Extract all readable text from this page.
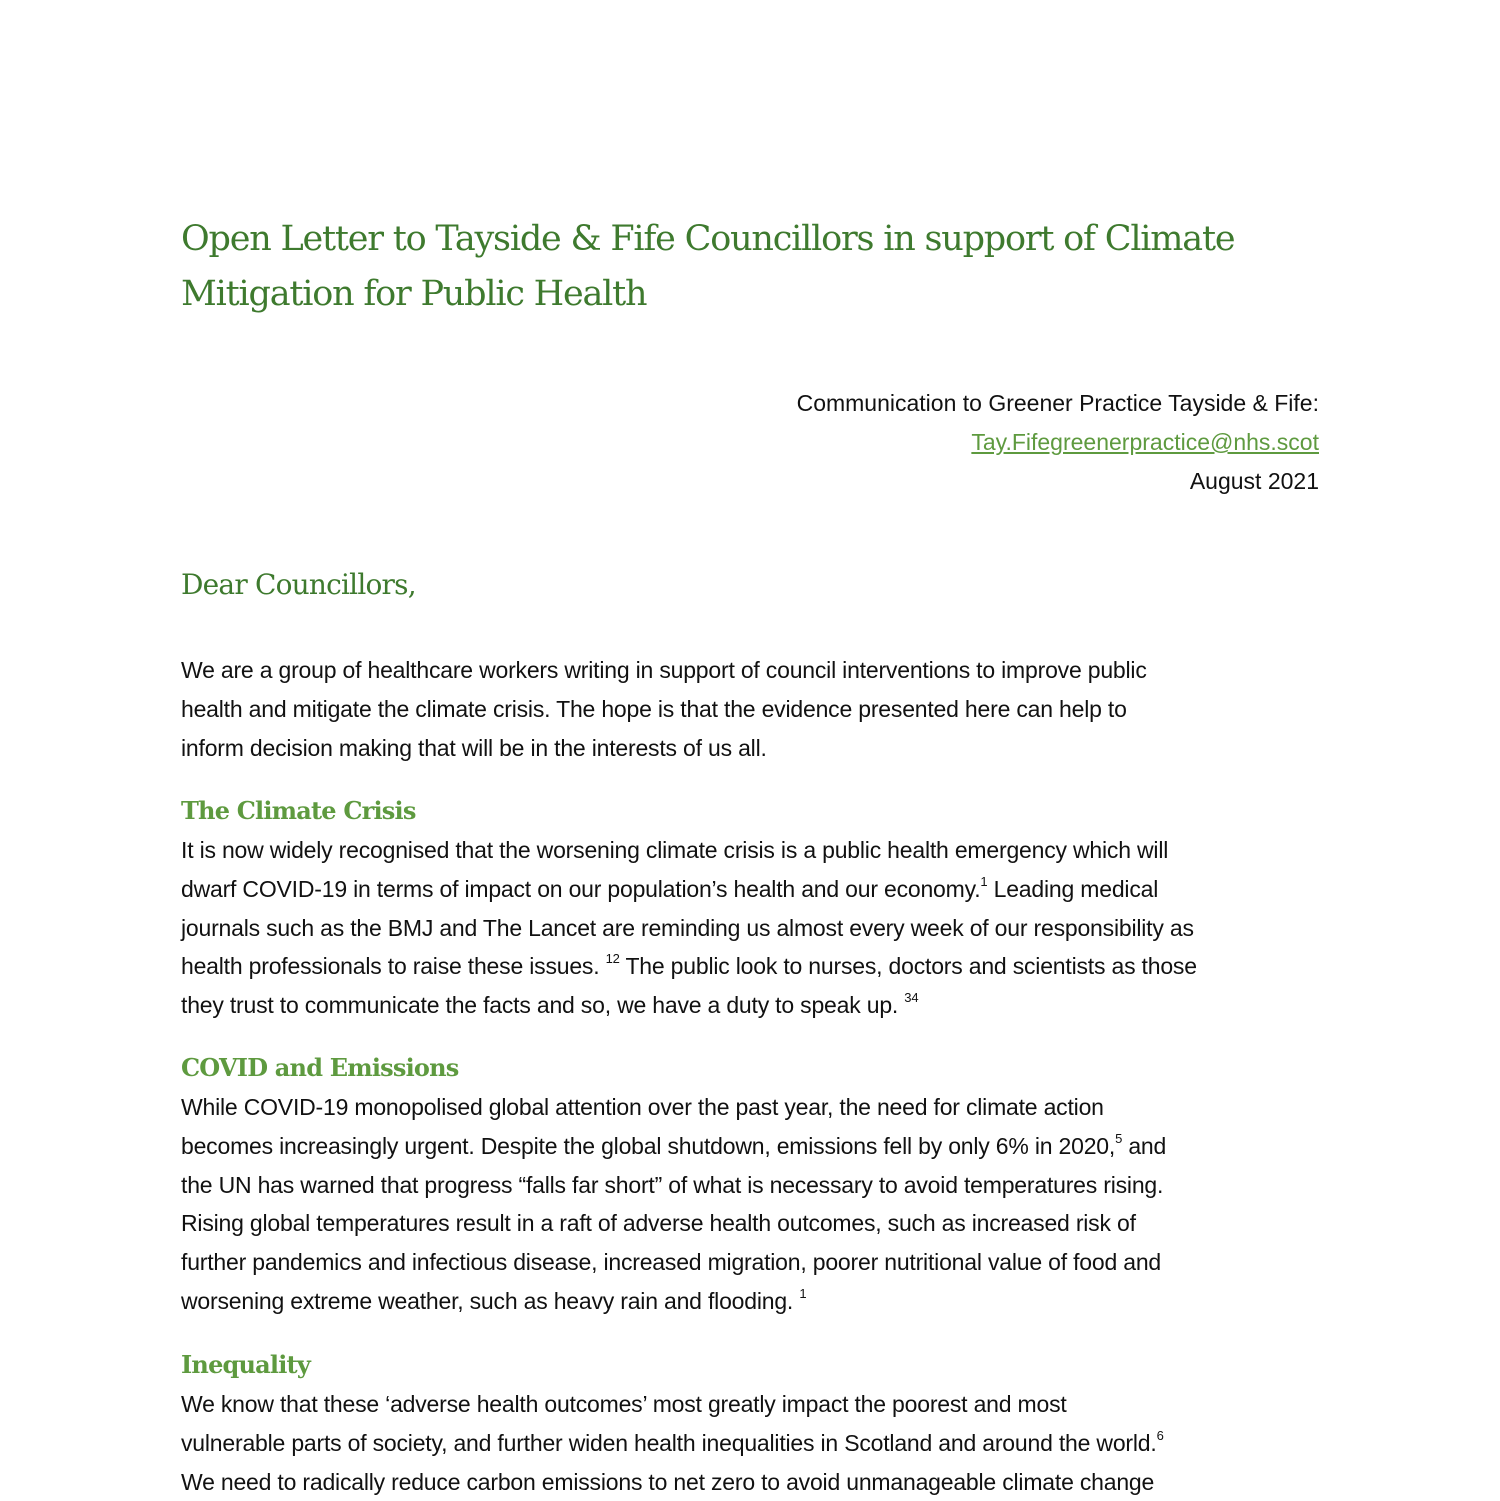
Open Letter to Tayside & Fife Councillors in support of Climate
Mitigation for Public Health
Communication to Greener Practice Tayside & Fife:
Tay.Fifegreenerpractice@nhs.scot
August 2021
Dear Councillors,

We are a group of healthcare workers writing in support of council interventions to improve public
health and mitigate the climate crisis. The hope is that the evidence presented here can help to
inform decision making that will be in the interests of us all.

The Climate Crisis

It is now widely recognised that the worsening climate crisis is a public health emergency which will
dwarf COVID-19 in terms of impact on our population’s health and our economy.$^1$ Leading medical
journals such as the BMJ and The Lancet are reminding us almost every week of our responsibility as
health professionals to raise these issues. $^{12}$ The public look to nurses, doctors and scientists as those
they trust to communicate the facts and so, we have a duty to speak up. $^{34}$

COVID and Emissions

While COVID-19 monopolised global attention over the past year, the need for climate action
becomes increasingly urgent. Despite the global shutdown, emissions fell by only 6% in 2020,$^5$ and
the UN has warned that progress “falls far short” of what is necessary to avoid temperatures rising.
Rising global temperatures result in a raft of adverse health outcomes, such as increased risk of
further pandemics and infectious disease, increased migration, poorer nutritional value of food and
worsening extreme weather, such as heavy rain and flooding. $^1$

Inequality

We know that these ‘adverse health outcomes’ most greatly impact the poorest and most
vulnerable parts of society, and further widen health inequalities in Scotland and around the world.$^6$
We need to radically reduce carbon emissions to net zero to avoid unmanageable climate change
